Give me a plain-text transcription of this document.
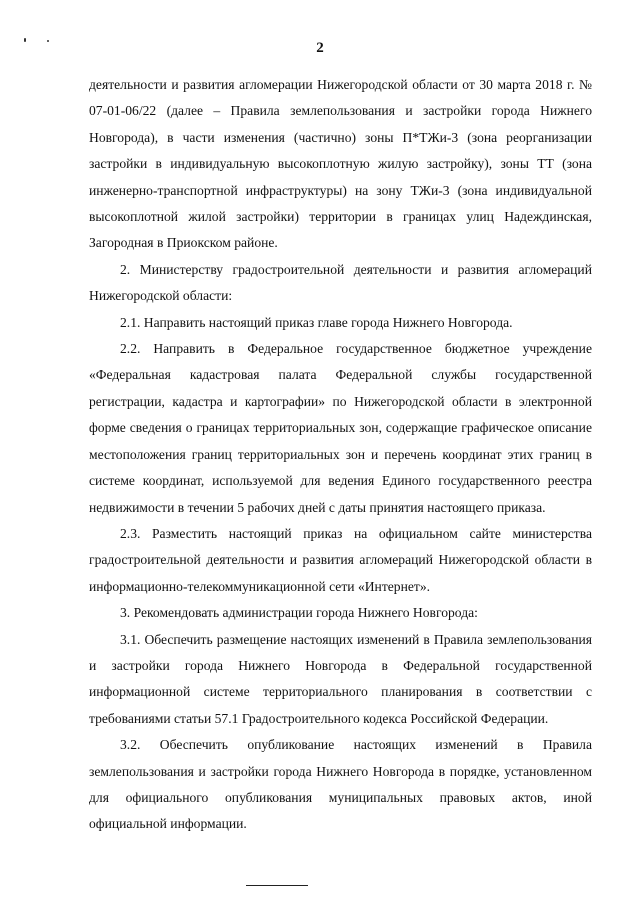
2

деятельности и развития агломерации Нижегородской области от 30 марта 2018 г. № 07-01-06/22 (далее – Правила землепользования и застройки города Нижнего Новгорода), в части изменения (частично) зоны П*ТЖи-3 (зона реорганизации застройки в индивидуальную высокоплотную жилую застройку), зоны ТТ (зона инженерно-транспортной инфраструктуры) на зону ТЖи-3 (зона индивидуальной высокоплотной жилой застройки) территории в границах улиц Надеждинская, Загородная в Приокском районе.

2. Министерству градостроительной деятельности и развития агломераций Нижегородской области:

2.1. Направить настоящий приказ главе города Нижнего Новгорода.

2.2. Направить в Федеральное государственное бюджетное учреждение «Федеральная кадастровая палата Федеральной службы государственной регистрации, кадастра и картографии» по Нижегородской области в электронной форме сведения о границах территориальных зон, содержащие графическое описание местоположения границ территориальных зон и перечень координат этих границ в системе координат, используемой для ведения Единого государственного реестра недвижимости в течении 5 рабочих дней с даты принятия настоящего приказа.

2.3. Разместить настоящий приказ на официальном сайте министерства градостроительной деятельности и развития агломераций Нижегородской области в информационно-телекоммуникационной сети «Интернет».

3. Рекомендовать администрации города Нижнего Новгорода:

3.1. Обеспечить размещение настоящих изменений в Правила землепользования и застройки города Нижнего Новгорода в Федеральной государственной информационной системе территориального планирования в соответствии с требованиями статьи 57.1 Градостроительного кодекса Российской Федерации.

3.2. Обеспечить опубликование настоящих изменений в Правила землепользования и застройки города Нижнего Новгорода в порядке, установленном для официального опубликования муниципальных правовых актов, иной официальной информации.
